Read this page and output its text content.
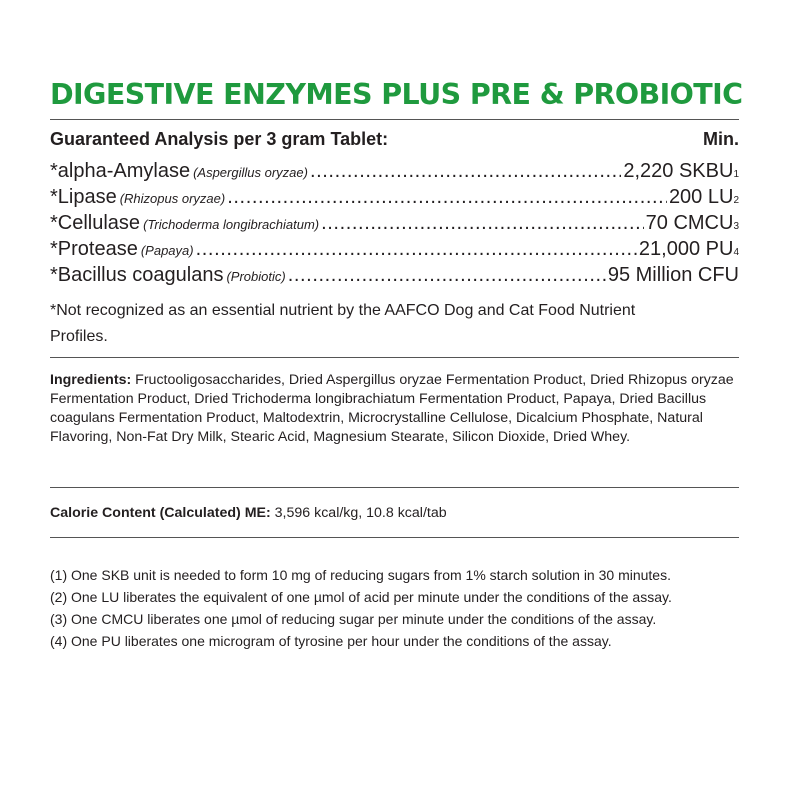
DIGESTIVE ENZYMES PLUS PRE & PROBIOTIC
Guaranteed Analysis per 3 gram Tablet:	Min.
*alpha-Amylase (Aspergillus oryzae) .....	2,220 SKBU 1
*Lipase (Rhizopus oryzae) .....	200 LU 2
*Cellulase (Trichoderma longibrachiatum) .....	70 CMCU 3
*Protease (Papaya) .....	21,000 PU 4
*Bacillus coagulans (Probiotic) .....	95 Million CFU
*Not recognized as an essential nutrient by the AAFCO Dog and Cat Food Nutrient Profiles.
Ingredients: Fructooligosaccharides, Dried Aspergillus oryzae Fermentation Product, Dried Rhizopus oryzae Fermentation Product, Dried Trichoderma longibrachiatum Fermentation Product, Papaya, Dried Bacillus coagulans Fermentation Product, Maltodextrin, Microcrystalline Cellulose, Dicalcium Phosphate, Natural Flavoring, Non-Fat Dry Milk, Stearic Acid, Magnesium Stearate, Silicon Dioxide, Dried Whey.
Calorie Content (Calculated) ME: 3,596 kcal/kg, 10.8 kcal/tab
(1) One SKB unit is needed to form 10 mg of reducing sugars from 1% starch solution in 30 minutes.
(2) One LU liberates the equivalent of one µmol of acid per minute under the conditions of the assay.
(3) One CMCU liberates one µmol of reducing sugar per minute under the conditions of the assay.
(4) One PU liberates one microgram of tyrosine per hour under the conditions of the assay.
